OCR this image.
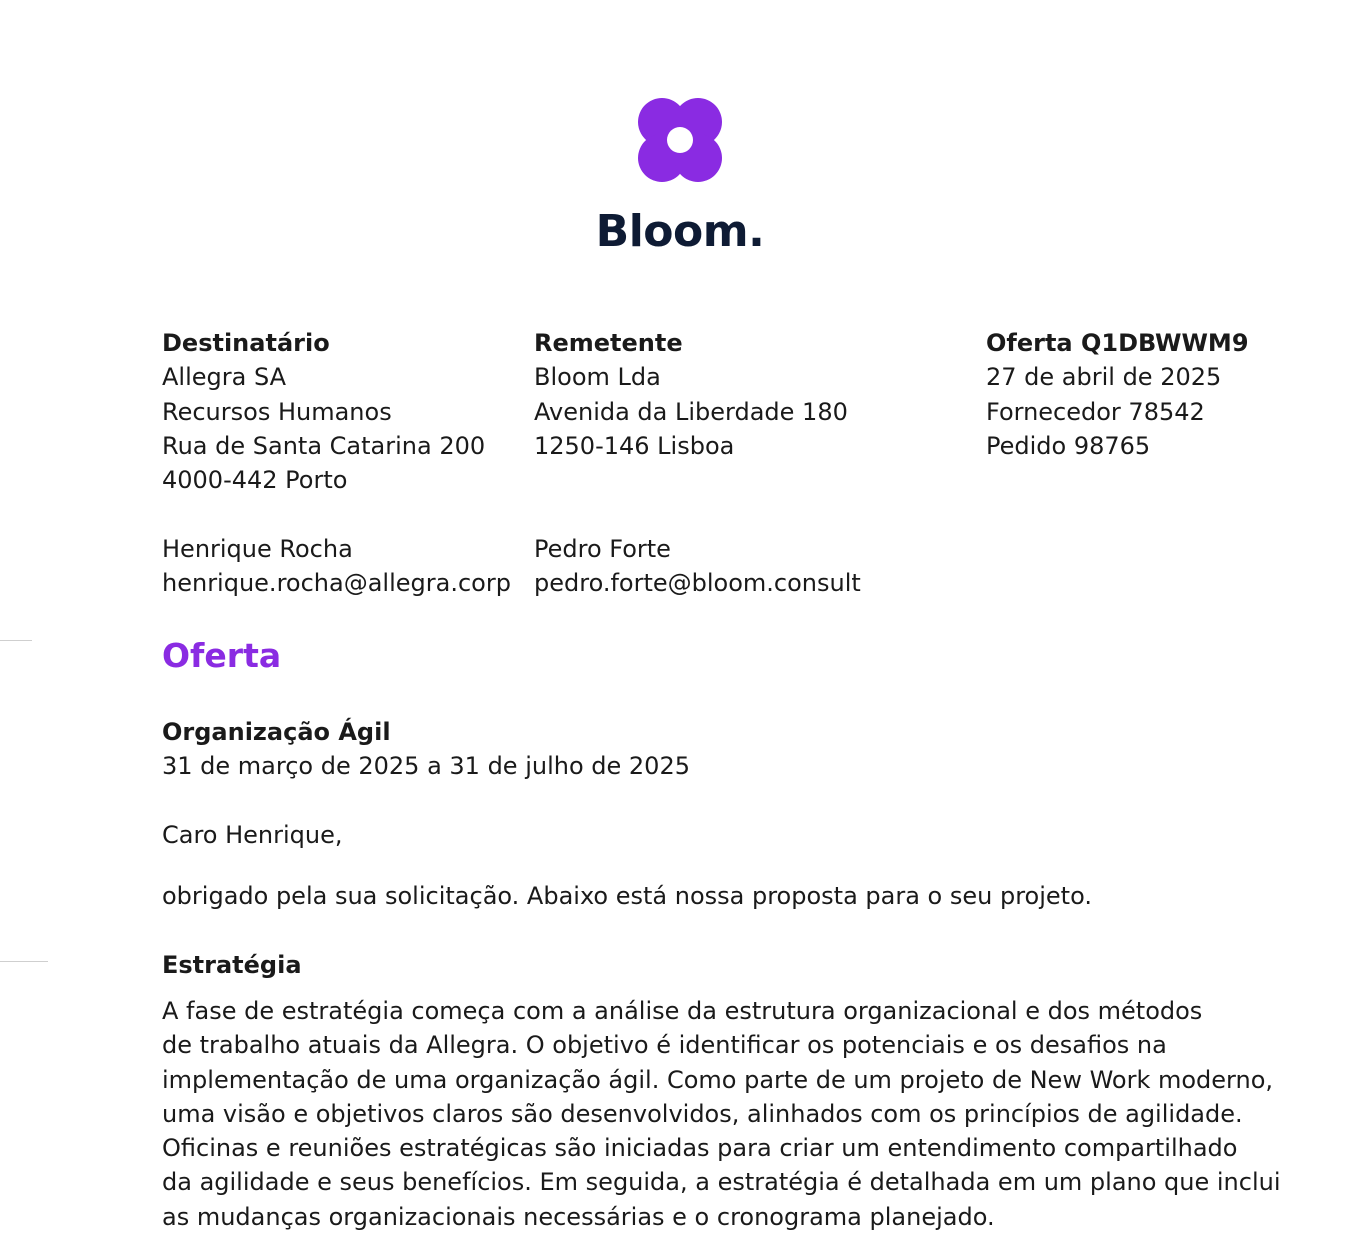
Bloom.
Destinatário
Allegra SA
Recursos Humanos
Rua de Santa Catarina 200
4000-442 Porto
Henrique Rocha
henrique.rocha@allegra.corp
Remetente
Bloom Lda
Avenida da Liberdade 180
1250-146 Lisboa
Pedro Forte
pedro.forte@bloom.consult
Oferta Q1DBWWM9
27 de abril de 2025
Fornecedor 78542
Pedido 98765
Oferta
Organização Ágil
31 de março de 2025 a 31 de julho de 2025
Caro Henrique,
obrigado pela sua solicitação. Abaixo está nossa proposta para o seu projeto.
Estratégia
A fase de estratégia começa com a análise da estrutura organizacional e dos métodos
de trabalho atuais da Allegra. O objetivo é identificar os potenciais e os desafios na
implementação de uma organização ágil. Como parte de um projeto de New Work moderno,
uma visão e objetivos claros são desenvolvidos, alinhados com os princípios de agilidade.
Oficinas e reuniões estratégicas são iniciadas para criar um entendimento compartilhado
da agilidade e seus benefícios. Em seguida, a estratégia é detalhada em um plano que inclui
as mudanças organizacionais necessárias e o cronograma planejado.
